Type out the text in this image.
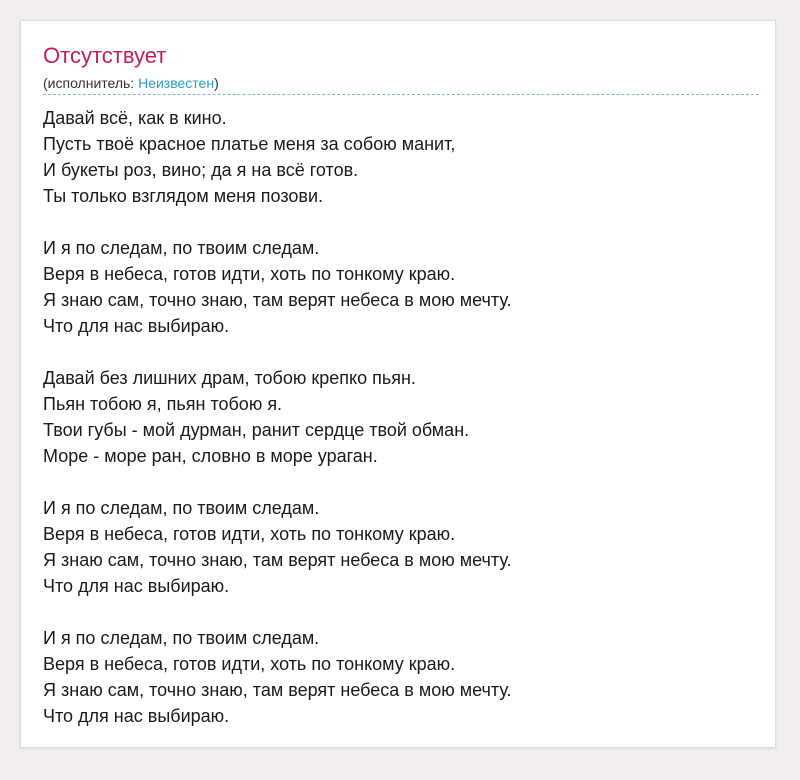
Отсутствует
(исполнитель: Неизвестен)
Давай всё, как в кино.
Пусть твоё красное платье меня за собою манит,
И букеты роз, вино; да я на всё готов.
Ты только взглядом меня позови.
И я по следам, по твоим следам.
Веря в небеса, готов идти, хоть по тонкому краю.
Я знаю сам, точно знаю, там верят небеса в мою мечту.
Что для нас выбираю.
Давай без лишних драм, тобою крепко пьян.
Пьян тобою я, пьян тобою я.
Твои губы - мой дурман, ранит сердце твой обман.
Море - море ран, словно в море ураган.
И я по следам, по твоим следам.
Веря в небеса, готов идти, хоть по тонкому краю.
Я знаю сам, точно знаю, там верят небеса в мою мечту.
Что для нас выбираю.
И я по следам, по твоим следам.
Веря в небеса, готов идти, хоть по тонкому краю.
Я знаю сам, точно знаю, там верят небеса в мою мечту.
Что для нас выбираю.
